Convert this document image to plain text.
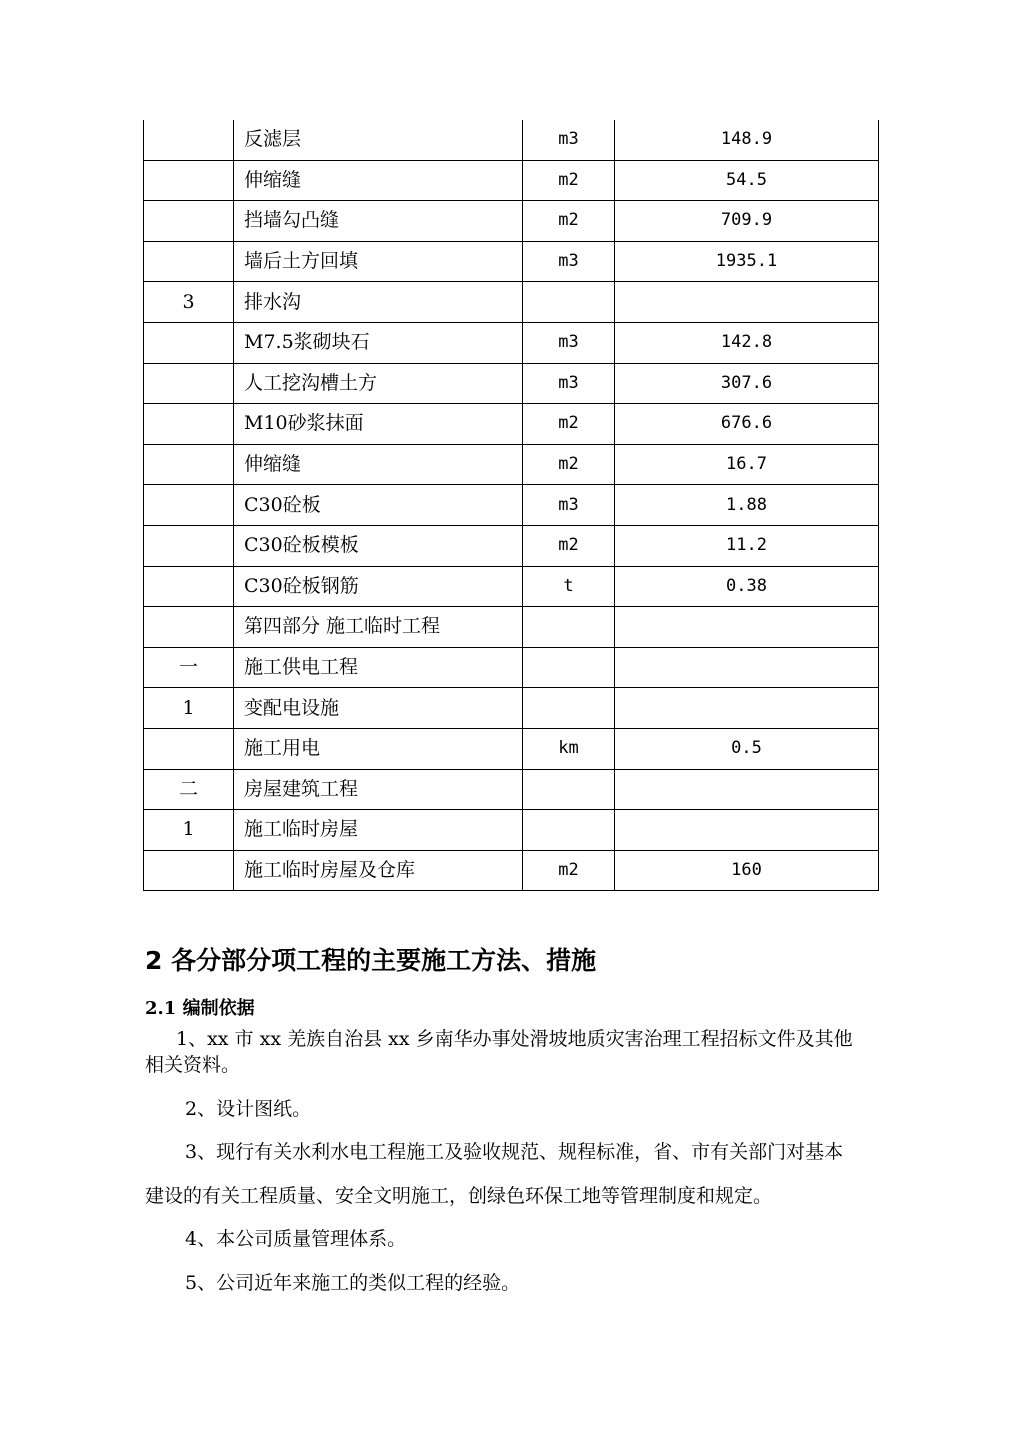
	反滤层	m3	148.9
	伸缩缝	m2	54.5
	挡墙勾凸缝	m2	709.9
	墙后土方回填	m3	1935.1
3	排水沟		
	M7.5浆砌块石	m3	142.8
	人工挖沟槽土方	m3	307.6
	M10砂浆抹面	m2	676.6
	伸缩缝	m2	16.7
	C30砼板	m3	1.88
	C30砼板模板	m2	11.2
	C30砼板钢筋	t	0.38
	第四部分 施工临时工程		
一	施工供电工程		
1	变配电设施		
	施工用电	km	0.5
二	房屋建筑工程		
1	施工临时房屋		
	施工临时房屋及仓库	m2	160
2 各分部分项工程的主要施工方法、措施
2.1 编制依据

1、xx 市 xx 羌族自治县 xx 乡南华办事处滑坡地质灾害治理工程招标文件及其他

相关资料。

2、设计图纸。

3、现行有关水利水电工程施工及验收规范、规程标准，省、市有关部门对基本

建设的有关工程质量、安全文明施工，创绿色环保工地等管理制度和规定。

4、本公司质量管理体系。

5、公司近年来施工的类似工程的经验。
